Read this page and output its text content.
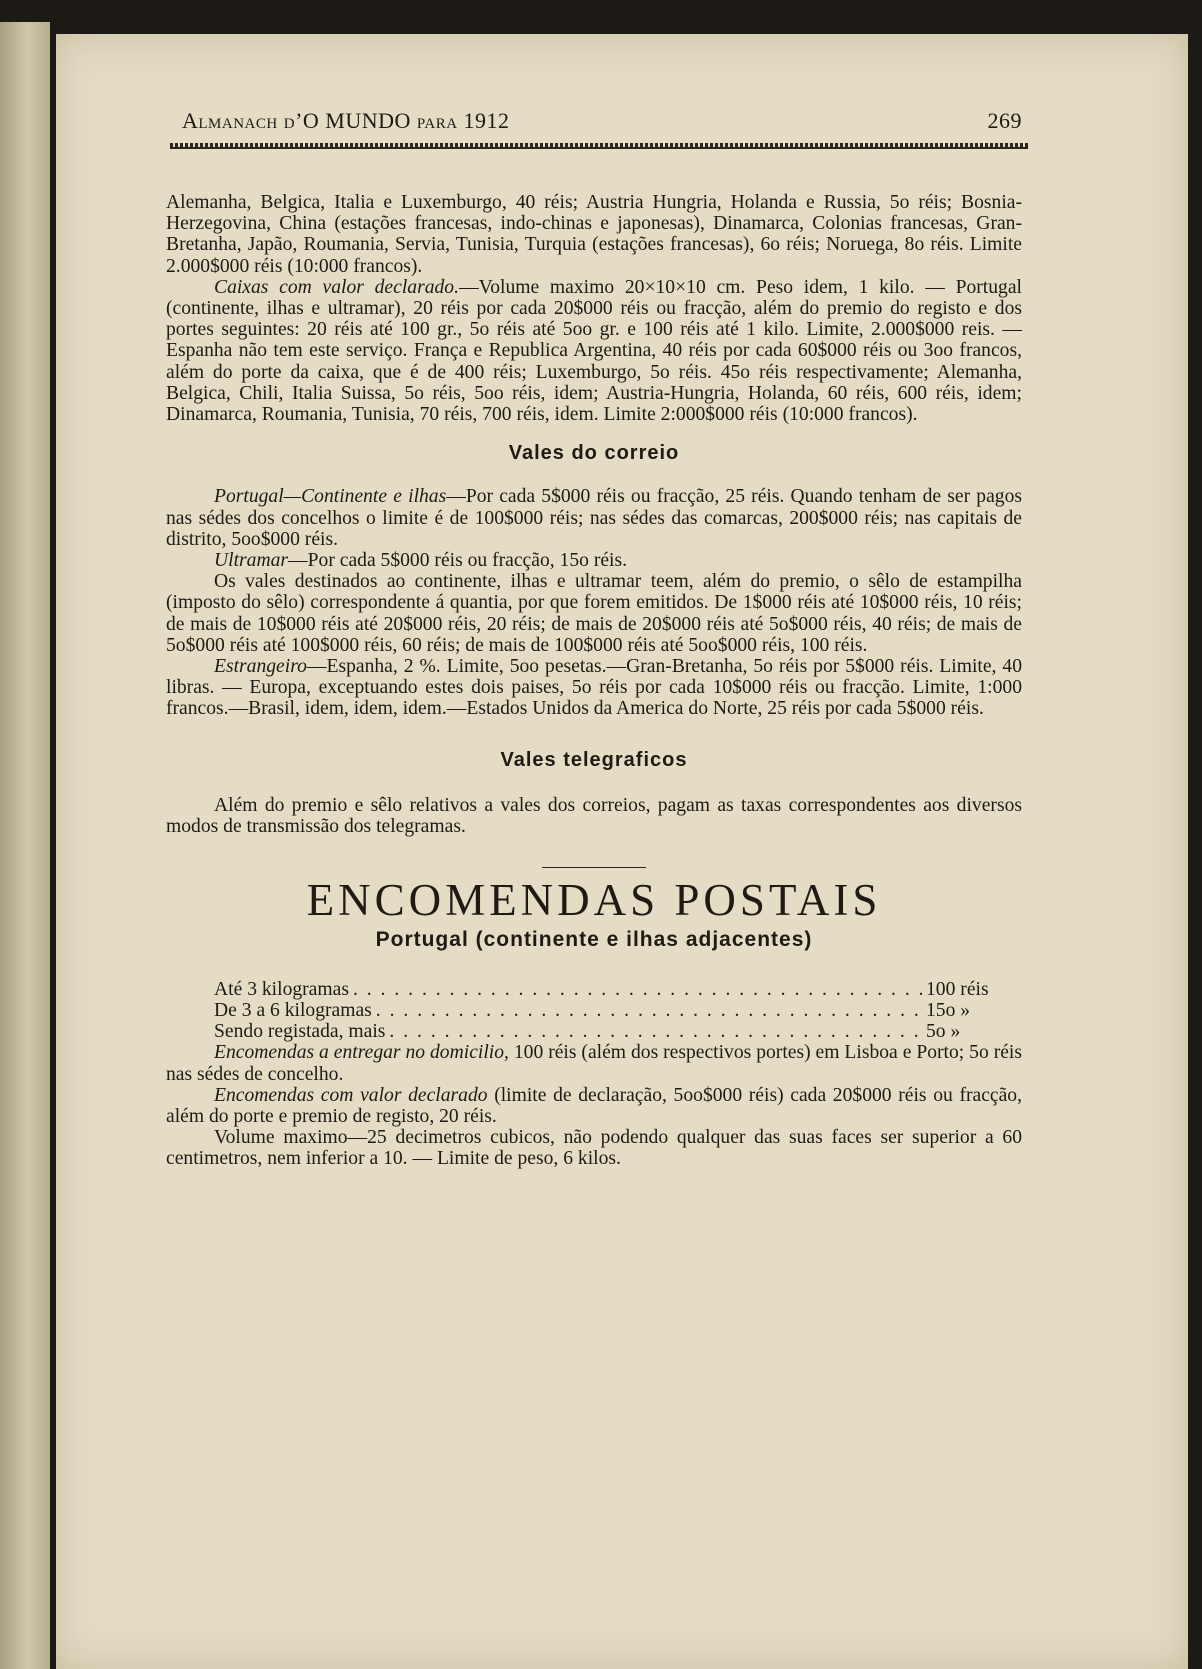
Almanach d’O MUNDO para 1912	269

Alemanha, Belgica, Italia e Luxemburgo, 40 réis; Austria Hungria, Holanda e Russia, 5o réis; Bosnia-Herzegovina, China (estações francesas, indo-chinas e japonesas), Dinamarca, Colonias francesas, Gran-Bretanha, Japão, Roumania, Servia, Tunisia, Turquia (estações francesas), 6o réis; Noruega, 8o réis. Limite 2.000$000 réis (10:000 francos).

Caixas com valor declarado.—Volume maximo 20×10×10 cm. Peso idem, 1 kilo. — Portugal (continente, ilhas e ultramar), 20 réis por cada 20$000 réis ou fracção, além do premio do registo e dos portes seguintes: 20 réis até 100 gr., 5o réis até 5oo gr. e 100 réis até 1 kilo. Limite, 2.000$000 reis. — Espanha não tem este serviço. França e Republica Argentina, 40 réis por cada 60$000 réis ou 3oo francos, além do porte da caixa, que é de 400 réis; Luxemburgo, 5o réis. 45o réis respectivamente; Alemanha, Belgica, Chili, Italia Suissa, 5o réis, 5oo réis, idem; Austria-Hungria, Holanda, 60 réis, 600 réis, idem; Dinamarca, Roumania, Tunisia, 70 réis, 700 réis, idem. Limite 2:000$000 réis (10:000 francos).

Vales do correio

Portugal—Continente e ilhas—Por cada 5$000 réis ou fracção, 25 réis. Quando tenham de ser pagos nas sédes dos concelhos o limite é de 100$000 réis; nas sédes das comarcas, 200$000 réis; nas capitais de distrito, 5oo$000 réis.

Ultramar—Por cada 5$000 réis ou fracção, 15o réis.

Os vales destinados ao continente, ilhas e ultramar teem, além do premio, o sêlo de estampilha (imposto do sêlo) correspondente á quantia, por que forem emitidos. De 1$000 réis até 10$000 réis, 10 réis; de mais de 10$000 réis até 20$000 réis, 20 réis; de mais de 20$000 réis até 5o$000 réis, 40 réis; de mais de 5o$000 réis até 100$000 réis, 60 réis; de mais de 100$000 réis até 5oo$000 réis, 100 réis.

Estrangeiro—Espanha, 2 %. Limite, 5oo pesetas.—Gran-Bretanha, 5o réis por 5$000 réis. Limite, 40 libras. — Europa, exceptuando estes dois paises, 5o réis por cada 10$000 réis ou fracção. Limite, 1:000 francos.—Brasil, idem, idem, idem.—Estados Unidos da America do Norte, 25 réis por cada 5$000 réis.

Vales telegraficos

Além do premio e sêlo relativos a vales dos correios, pagam as taxas correspondentes aos diversos modos de transmissão dos telegramas.

ENCOMENDAS POSTAIS
Portugal (continente e ilhas adjacentes)
Até 3 kilogramas . . .	100 réis
De 3 a 6 kilogramas . . .	15o »
Sendo registada, mais . . .	5o »

Encomendas a entregar no domicilio, 100 réis (além dos respectivos portes) em Lisboa e Porto; 5o réis nas sédes de concelho.

Encomendas com valor declarado (limite de declaração, 5oo$000 réis) cada 20$000 réis ou fracção, além do porte e premio de registo, 20 réis.

Volume maximo—25 decimetros cubicos, não podendo qualquer das suas faces ser superior a 60 centimetros, nem inferior a 10. — Limite de peso, 6 kilos.
